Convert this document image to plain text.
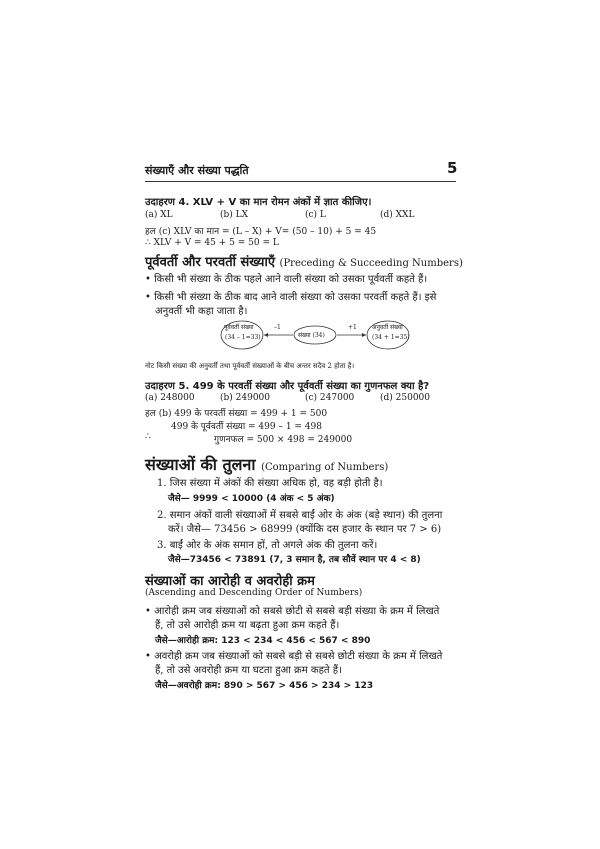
संख्याएँ और संख्या पद्धति	5
उदाहरण 4. XLV + V का मान रोमन अंकों में ज्ञात कीजिए।
(a) XL	(b) LX	(c) L	(d) XXL
हल (c) XLV का मान = (L – X) + V= (50 – 10) + 5 = 45
∴ XLV + V = 45 + 5 = 50 = L
पूर्ववर्ती और परवर्ती संख्याएँ (Preceding & Succeeding Numbers)
• किसी भी संख्या के ठीक पहले आने वाली संख्या को उसका पूर्ववर्ती कहते हैं।
• किसी भी संख्या के ठीक बाद आने वाली संख्या को उसका परवर्ती कहते हैं। इसे
अनुवर्ती भी कहा जाता है।
पूर्ववर्ती संख्या
(34 – 1=33)
–1
संख्या (34)
+1	अनुवर्ती संख्या
(34 + 1=35)
नोट किसी संख्या की अनुवर्ती तथा पूर्ववर्ती संख्याओं के बीच अन्तर सदैव 2 होता है।
उदाहरण 5. 499 के परवर्ती संख्या और पूर्ववर्ती संख्या का गुणनफल क्या है?
(a) 248000	(b) 249000	(c) 247000	(d) 250000
हल (b) 499 के परवर्ती संख्या = 499 + 1 = 500
499 के पूर्ववर्ती संख्या = 499 – 1 = 498
∴	गुणनफल = 500 × 498 = 249000
संख्याओं की तुलना (Comparing of Numbers)
1. जिस संख्या में अंकों की संख्या अधिक हो, वह बड़ी होती है।
जैसे— 9999 < 10000 (4 अंक < 5 अंक)
2. समान अंकों वाली संख्याओं में सबसे बाईं ओर के अंक (बड़े स्थान) की तुलना
करें। जैसे— 73456 > 68999 (क्योंकि दस हजार के स्थान पर 7 > 6)
3. बाईं ओर के अंक समान हों, तो अगले अंक की तुलना करें।
जैसे—73456 < 73891 (7, 3 समान है, तब सौवें स्थान पर 4 < 8)
संख्याओं का आरोही व अवरोही क्रम
(Ascending and Descending Order of Numbers)
• आरोही क्रम जब संख्याओं को सबसे छोटी से सबसे बड़ी संख्या के क्रम में लिखते
हैं, तो उसे आरोही क्रम या बढ़ता हुआ क्रम कहते हैं।
जैसे—आरोही क्रम: 123 < 234 < 456 < 567 < 890
• अवरोही क्रम जब संख्याओं को सबसे बड़ी से सबसे छोटी संख्या के क्रम में लिखते
हैं, तो उसे अवरोही क्रम या घटता हुआ क्रम कहते हैं।
जैसे—अवरोही क्रम: 890 > 567 > 456 > 234 > 123
